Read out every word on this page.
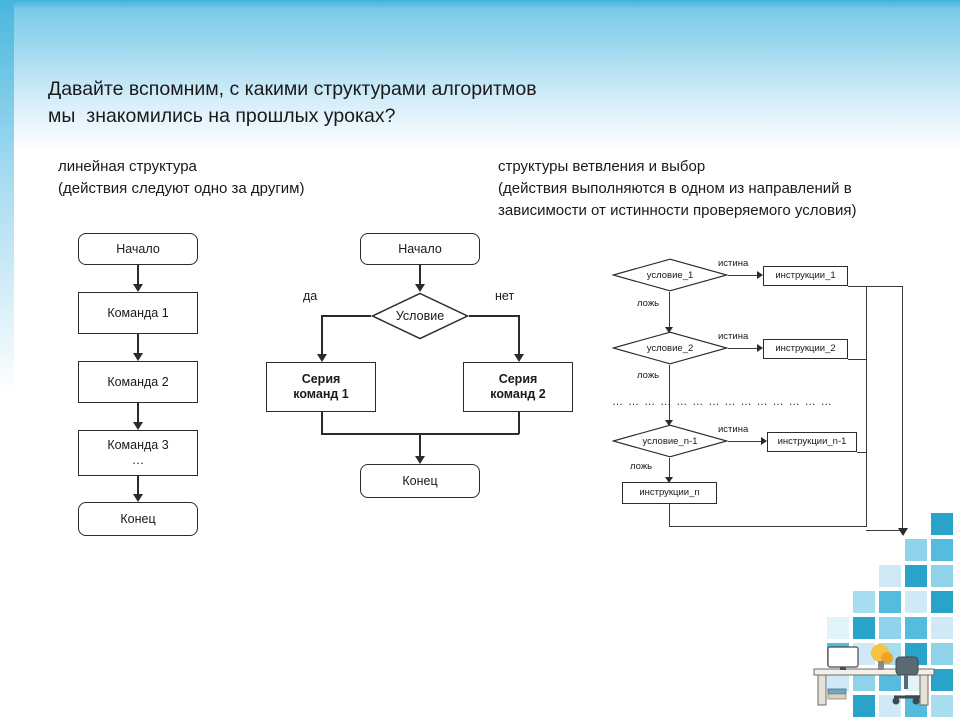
Давайте вспомним, с какими структурами алгоритмов
мы  знакомились на прошлых уроках?
линейная структура
(действия следуют одно за другим)
структуры ветвления и выбор
(действия выполняются в одном из направлений в
зависимости от истинности проверяемого условия)
Начало
Команда 1
Команда 2
Команда 3
…
Конец
Начало
Условие
да	нет
Серия
команд 1
Серия
команд 2
Конец
условие_1
истина
инструкции_1
ложь
условие_2
истина
инструкции_2
ложь
… … … … … … … … … … … … … …
условие_n-1
истина
инструкции_n-1
ложь
инструкции_n
